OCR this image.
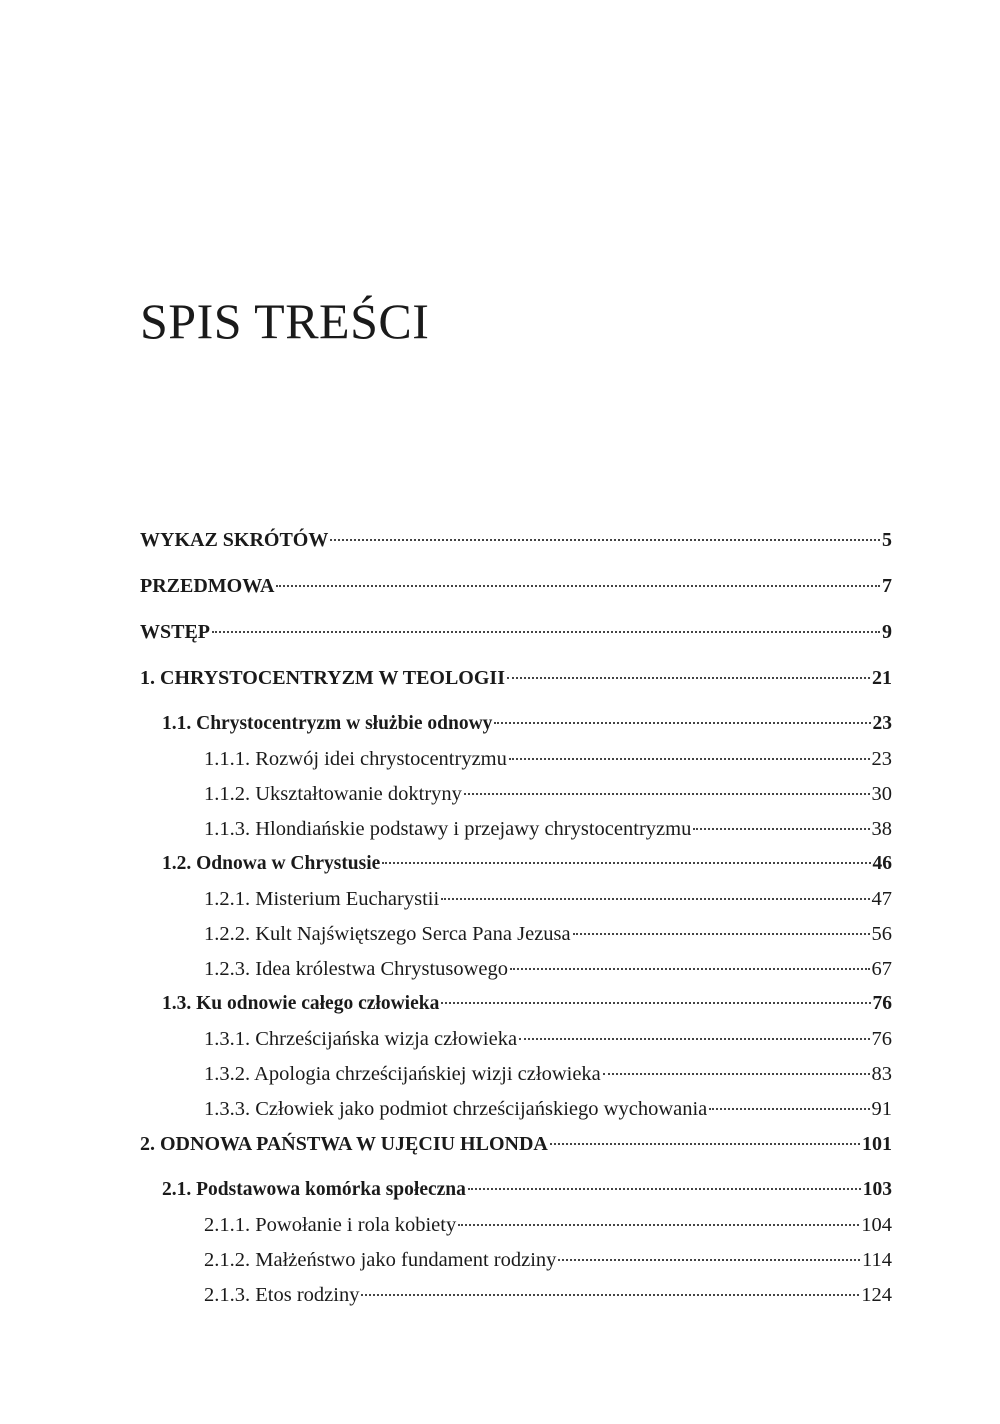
SPIS TREŚCI
WYKAZ SKRÓTÓW	5
PRZEDMOWA	7
WSTĘP	9
1. CHRYSTOCENTRYZM W TEOLOGII	21
1.1. Chrystocentryzm w służbie odnowy	23
1.1.1. Rozwój idei chrystocentryzmu	23
1.1.2. Ukształtowanie doktryny	30
1.1.3. Hlondiańskie podstawy i przejawy chrystocentryzmu	38
1.2. Odnowa w Chrystusie	46
1.2.1. Misterium Eucharystii	47
1.2.2. Kult Najświętszego Serca Pana Jezusa	56
1.2.3. Idea królestwa Chrystusowego	67
1.3. Ku odnowie całego człowieka	76
1.3.1. Chrześcijańska wizja człowieka	76
1.3.2. Apologia chrześcijańskiej wizji człowieka	83
1.3.3. Człowiek jako podmiot chrześcijańskiego wychowania	91
2. ODNOWA PAŃSTWA W UJĘCIU HLONDA	101
2.1. Podstawowa komórka społeczna	103
2.1.1. Powołanie i rola kobiety	104
2.1.2. Małżeństwo jako fundament rodziny	114
2.1.3. Etos rodziny	124
